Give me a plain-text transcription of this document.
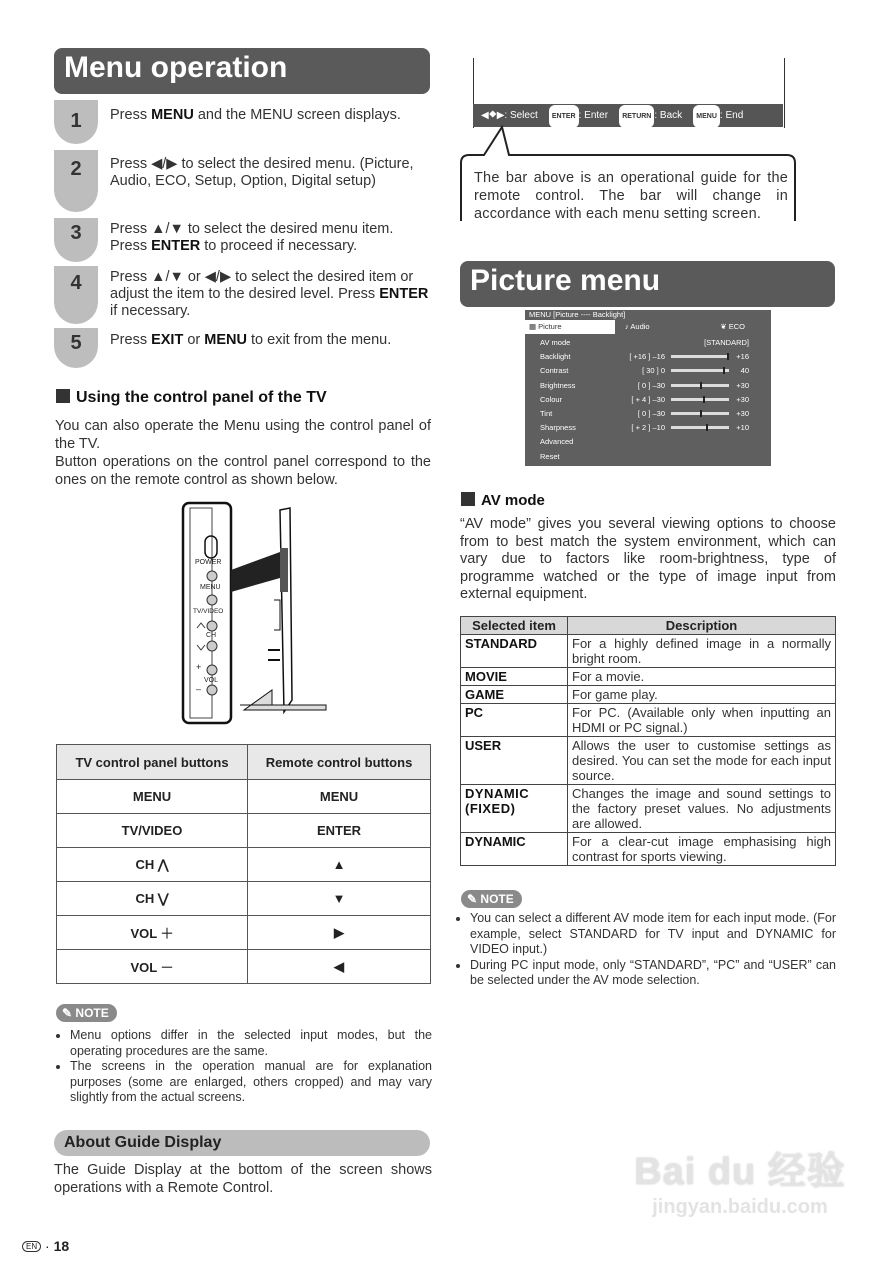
Menu operation
1	Press MENU and the MENU screen displays.
2	Press ◀/▶ to select the desired menu. (Picture, Audio, ECO, Setup, Option, Digital setup)
3	Press ▲/▼ to select the desired menu item. Press ENTER to proceed if necessary.
4	Press ▲/▼ or ◀/▶ to select the desired item or adjust the item to the desired level. Press ENTER if necessary.
5	Press EXIT or MENU to exit from the menu.
Using the control panel of the TV
You can also operate the Menu using the control panel of the TV.
Button operations on the control panel correspond to the ones on the remote control as shown below.
POWER
MENU
TV/VIDEO
CH
+
VOL
–
TV control panel buttons	Remote control buttons
MENU	MENU
TV/VIDEO	ENTER
CH ⋀	▲
CH ⋁	▼
VOL ＋	▶
VOL －	◀
✎ NOTE
• Menu options differ in the selected input modes, but the operating procedures are the same.
• The screens in the operation manual are for explanation purposes (some are enlarged, others cropped) and may vary slightly from the actual screens.
About Guide Display
The Guide Display at the bottom of the screen shows operations with a Remote Control.
EN · 18
◀⯁▶: Select ENTER : Enter RETURN : Back MENU : End
The bar above is an operational guide for the remote control. The bar will change in accordance with each menu setting screen.
Picture menu
MENU [Picture ---- Backlight]
▦ Picture	♪ Audio	❦ ECO
AV mode	[STANDARD]
Backlight	[ +16 ] –16	+16
Contrast	[ 30 ] 0	40
Brightness	[ 0 ] –30	+30
Colour	[ + 4 ] –30	+30
Tint	[ 0 ] –30	+30
Sharpness	[ + 2 ] –10	+10
Advanced
Reset
AV mode
“AV mode” gives you several viewing options to choose from to best match the system environment, which can vary due to factors like room-brightness, type of programme watched or the type of image input from external equipment.
Selected item	Description
STANDARD	For a highly defined image in a normally bright room.
MOVIE	For a movie.
GAME	For game play.
PC	For PC. (Available only when inputting an HDMI or PC signal.)
USER	Allows the user to customise settings as desired. You can set the mode for each input source.
DYNAMIC (FIXED)	Changes the image and sound settings to the factory preset values. No adjustments are allowed.
DYNAMIC	For a clear-cut image emphasising high contrast for sports viewing.
✎ NOTE
• You can select a different AV mode item for each input mode. (For example, select STANDARD for TV input and DYNAMIC for VIDEO input.)
• During PC input mode, only “STANDARD”, “PC” and “USER” can be selected under the AV mode selection.
Bai du 经验
jingyan.baidu.com
